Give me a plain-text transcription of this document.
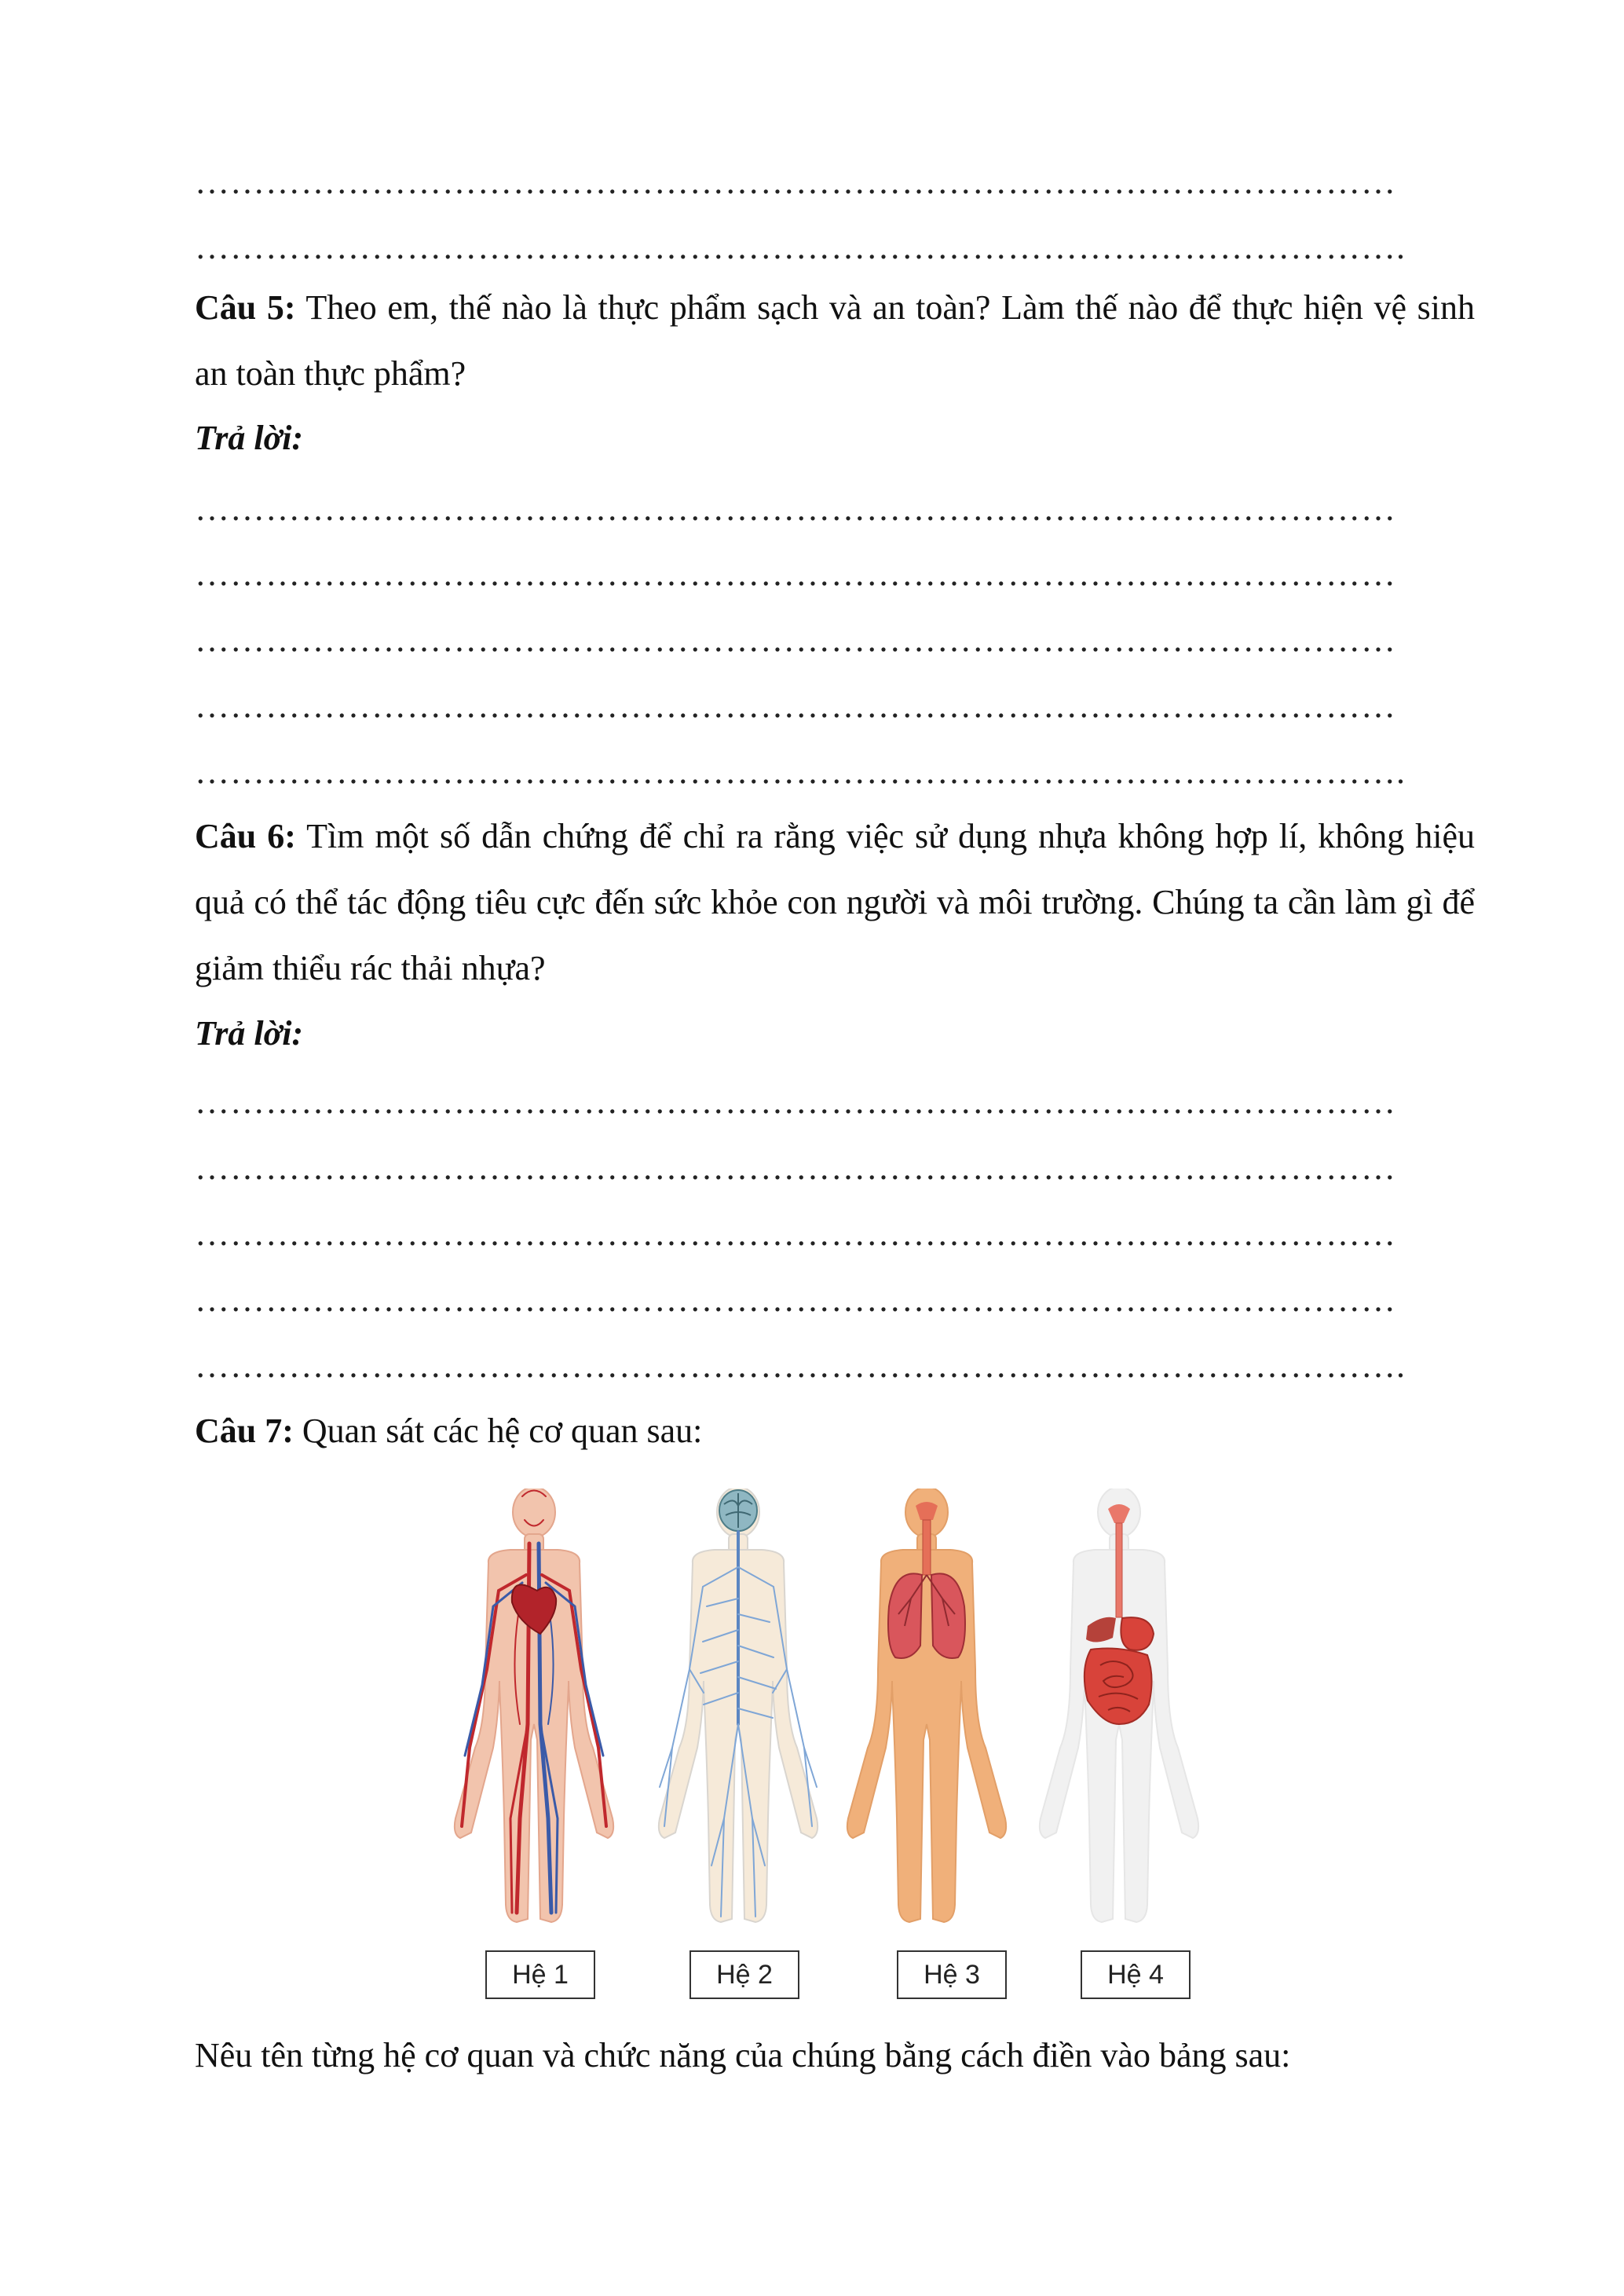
…………………………………………………………………………………………
………………………………………………………………………………………….
Câu 5: Theo em, thế nào là thực phẩm sạch và an toàn? Làm thế nào để thực hiện vệ sinh an toàn thực phẩm?
Trả lời:
…………………………………………………………………………………………
…………………………………………………………………………………………
…………………………………………………………………………………………
…………………………………………………………………………………………
………………………………………………………………………………………….
Câu 6: Tìm một số dẫn chứng để chỉ ra rằng việc sử dụng nhựa không hợp lí, không hiệu quả có thể tác động tiêu cực đến sức khỏe con người và môi trường. Chúng ta cần làm gì để giảm thiểu rác thải nhựa?
Trả lời:
…………………………………………………………………………………………
…………………………………………………………………………………………
…………………………………………………………………………………………
…………………………………………………………………………………………
………………………………………………………………………………………….
Câu 7: Quan sát các hệ cơ quan sau:
Hệ 1	Hệ 2	Hệ 3	Hệ 4
Nêu tên từng hệ cơ quan và chức năng của chúng bằng cách điền vào bảng sau:
